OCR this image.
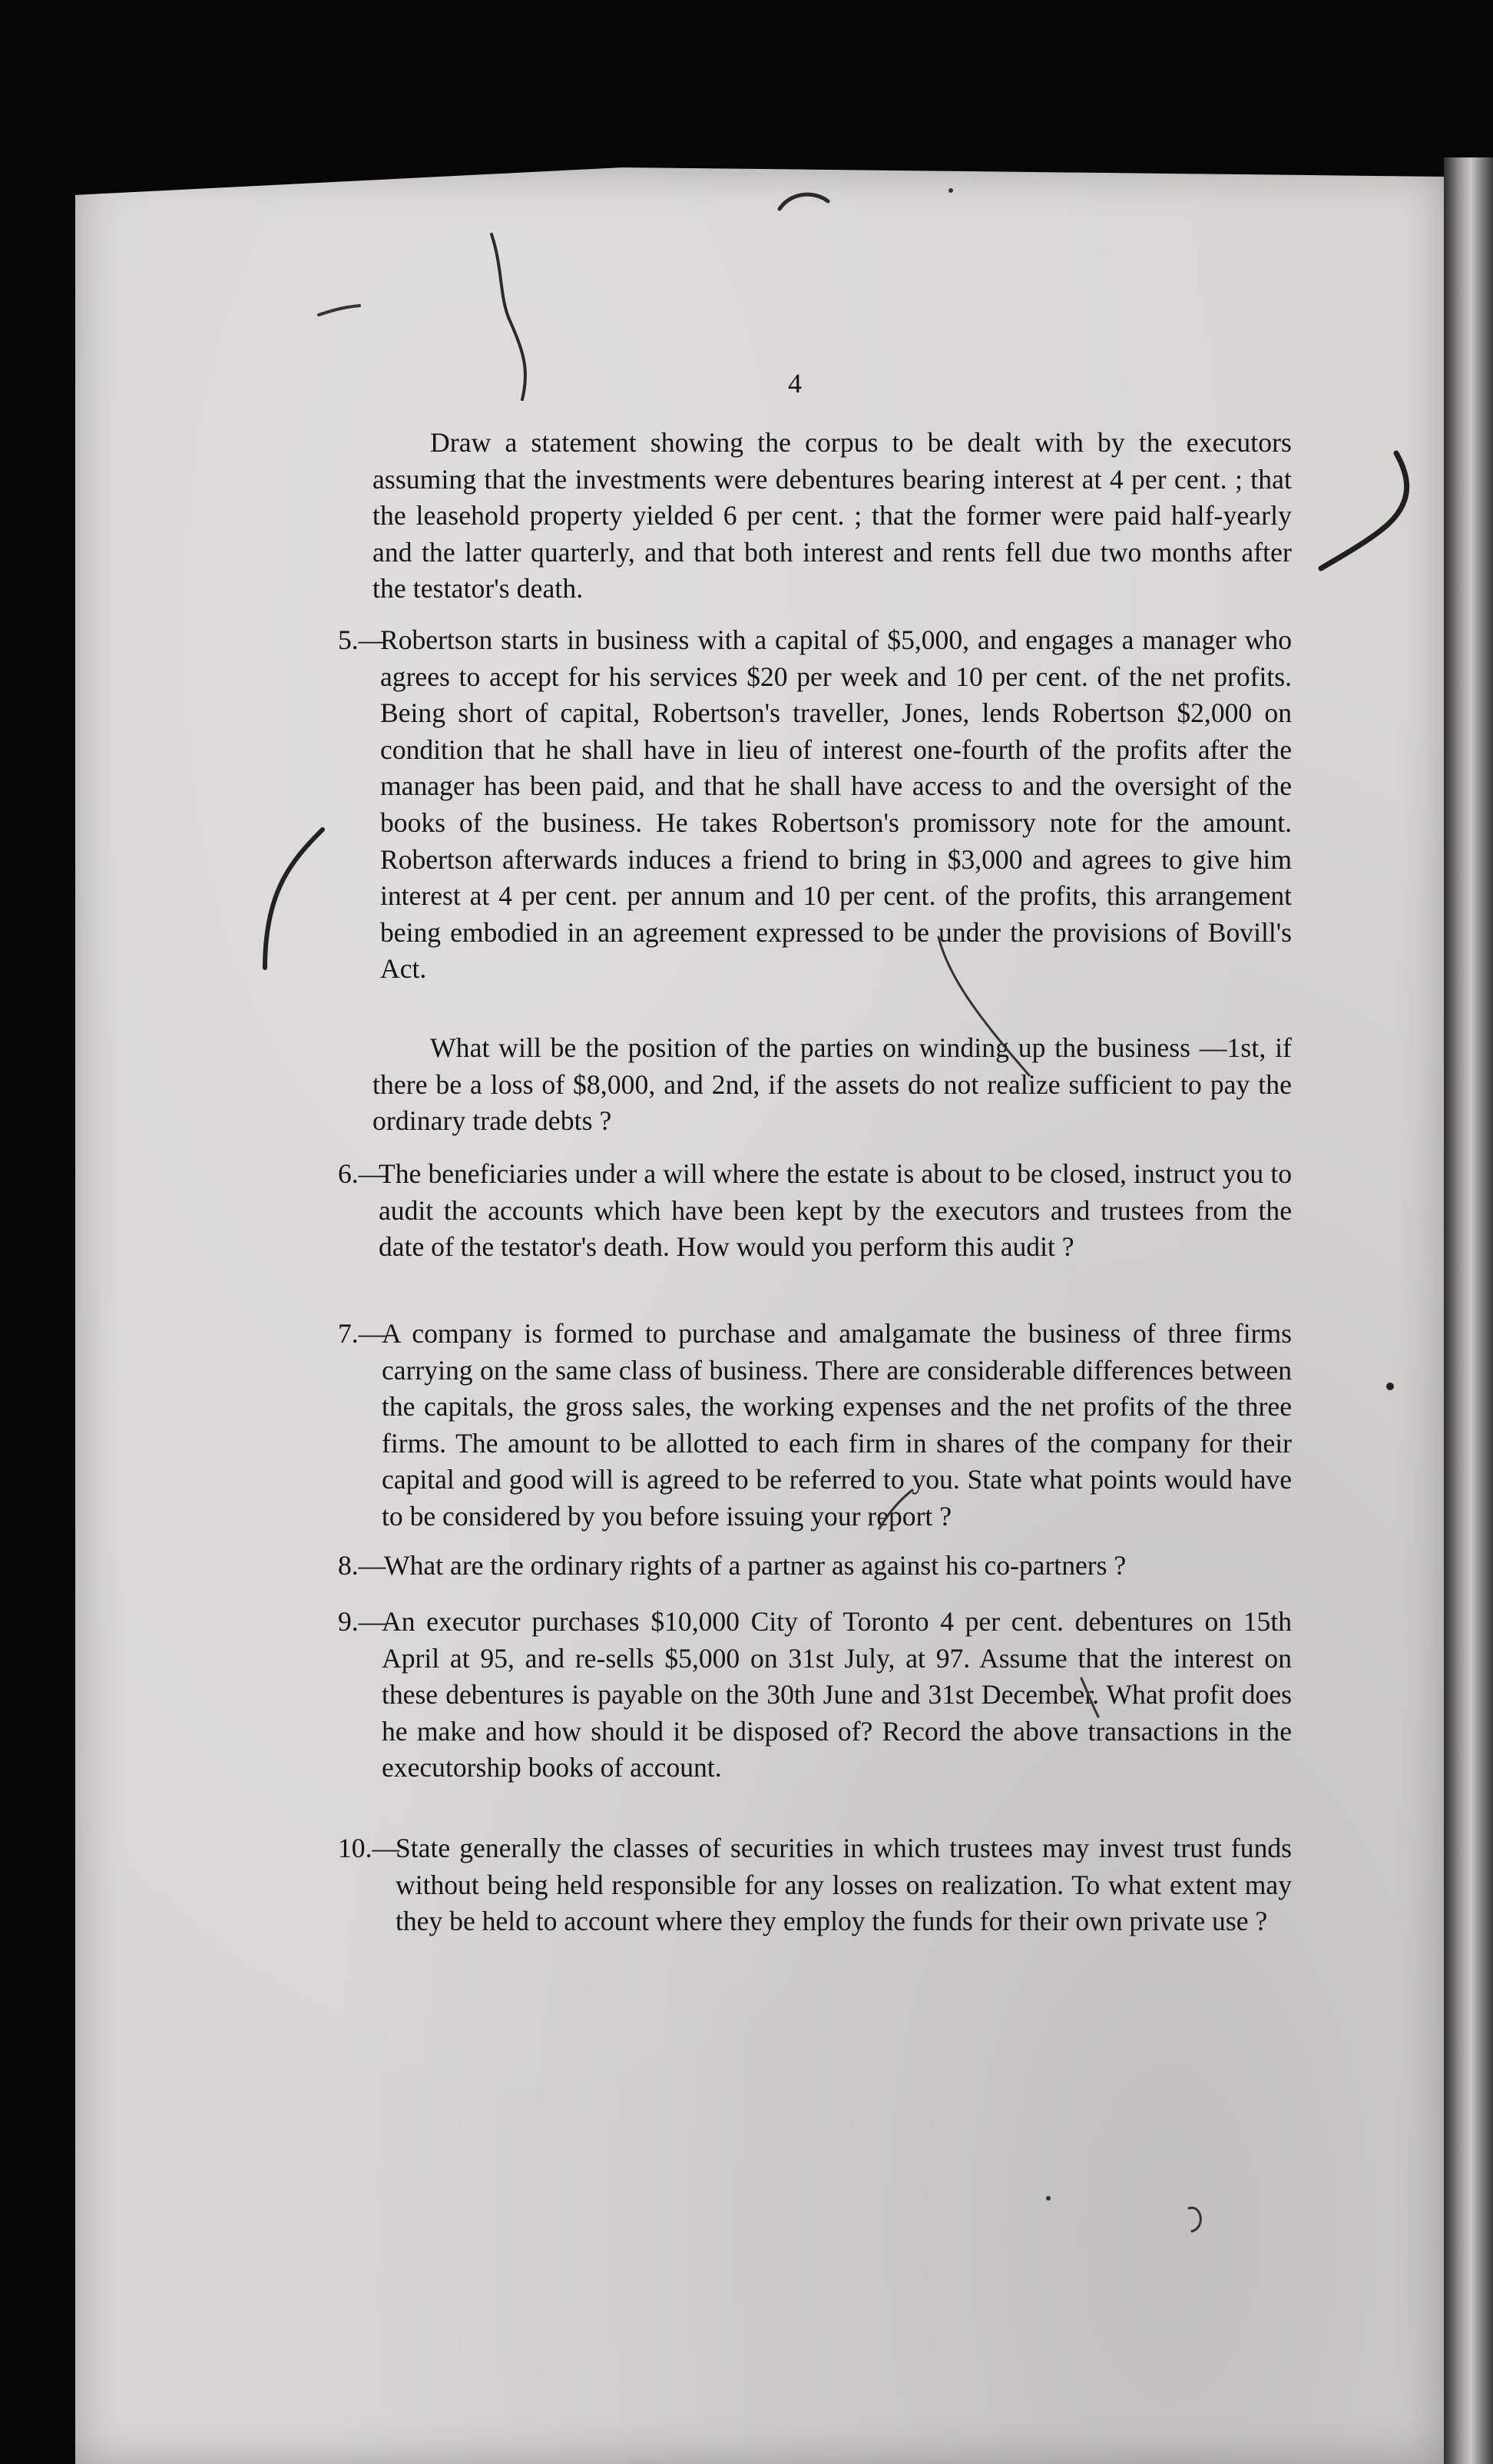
4
Draw a statement showing the corpus to be dealt with by the executors assuming that the investments were debentures bearing interest at 4 per cent. ; that the leasehold property yielded 6 per cent. ; that the former were paid half-yearly and the latter quarterly, and that both interest and rents fell due two months after the testator's death.
5.—
Robertson starts in business with a capital of $5,000, and engages a manager who agrees to accept for his services $20 per week and 10 per cent. of the net profits. Being short of capital, Robertson's traveller, Jones, lends Robertson $2,000 on condition that he shall have in lieu of interest one-fourth of the profits after the manager has been paid, and that he shall have access to and the oversight of the books of the business. He takes Robertson's promissory note for the amount. Robertson afterwards induces a friend to bring in $3,000 and agrees to give him interest at 4 per cent. per annum and 10 per cent. of the profits, this arrangement being embodied in an agreement expressed to be under the provisions of Bovill's Act.
What will be the position of the parties on winding up the business —1st, if there be a loss of $8,000, and 2nd, if the assets do not realize sufficient to pay the ordinary trade debts ?
6.—
The beneficiaries under a will where the estate is about to be closed, instruct you to audit the accounts which have been kept by the executors and trustees from the date of the testator's death. How would you perform this audit ?
7.—
A company is formed to purchase and amalgamate the business of three firms carrying on the same class of business. There are considerable differences between the capitals, the gross sales, the working expenses and the net profits of the three firms. The amount to be allotted to each firm in shares of the company for their capital and good will is agreed to be referred to you. State what points would have to be considered by you before issuing your report ?
8.—
What are the ordinary rights of a partner as against his co-partners ?
9.—
An executor purchases $10,000 City of Toronto 4 per cent. debentures on 15th April at 95, and re-sells $5,000 on 31st July, at 97. Assume that the interest on these debentures is payable on the 30th June and 31st December. What profit does he make and how should it be disposed of? Record the above transactions in the executorship books of account.
10.—
State generally the classes of securities in which trustees may invest trust funds without being held responsible for any losses on realization. To what extent may they be held to account where they employ the funds for their own private use ?
